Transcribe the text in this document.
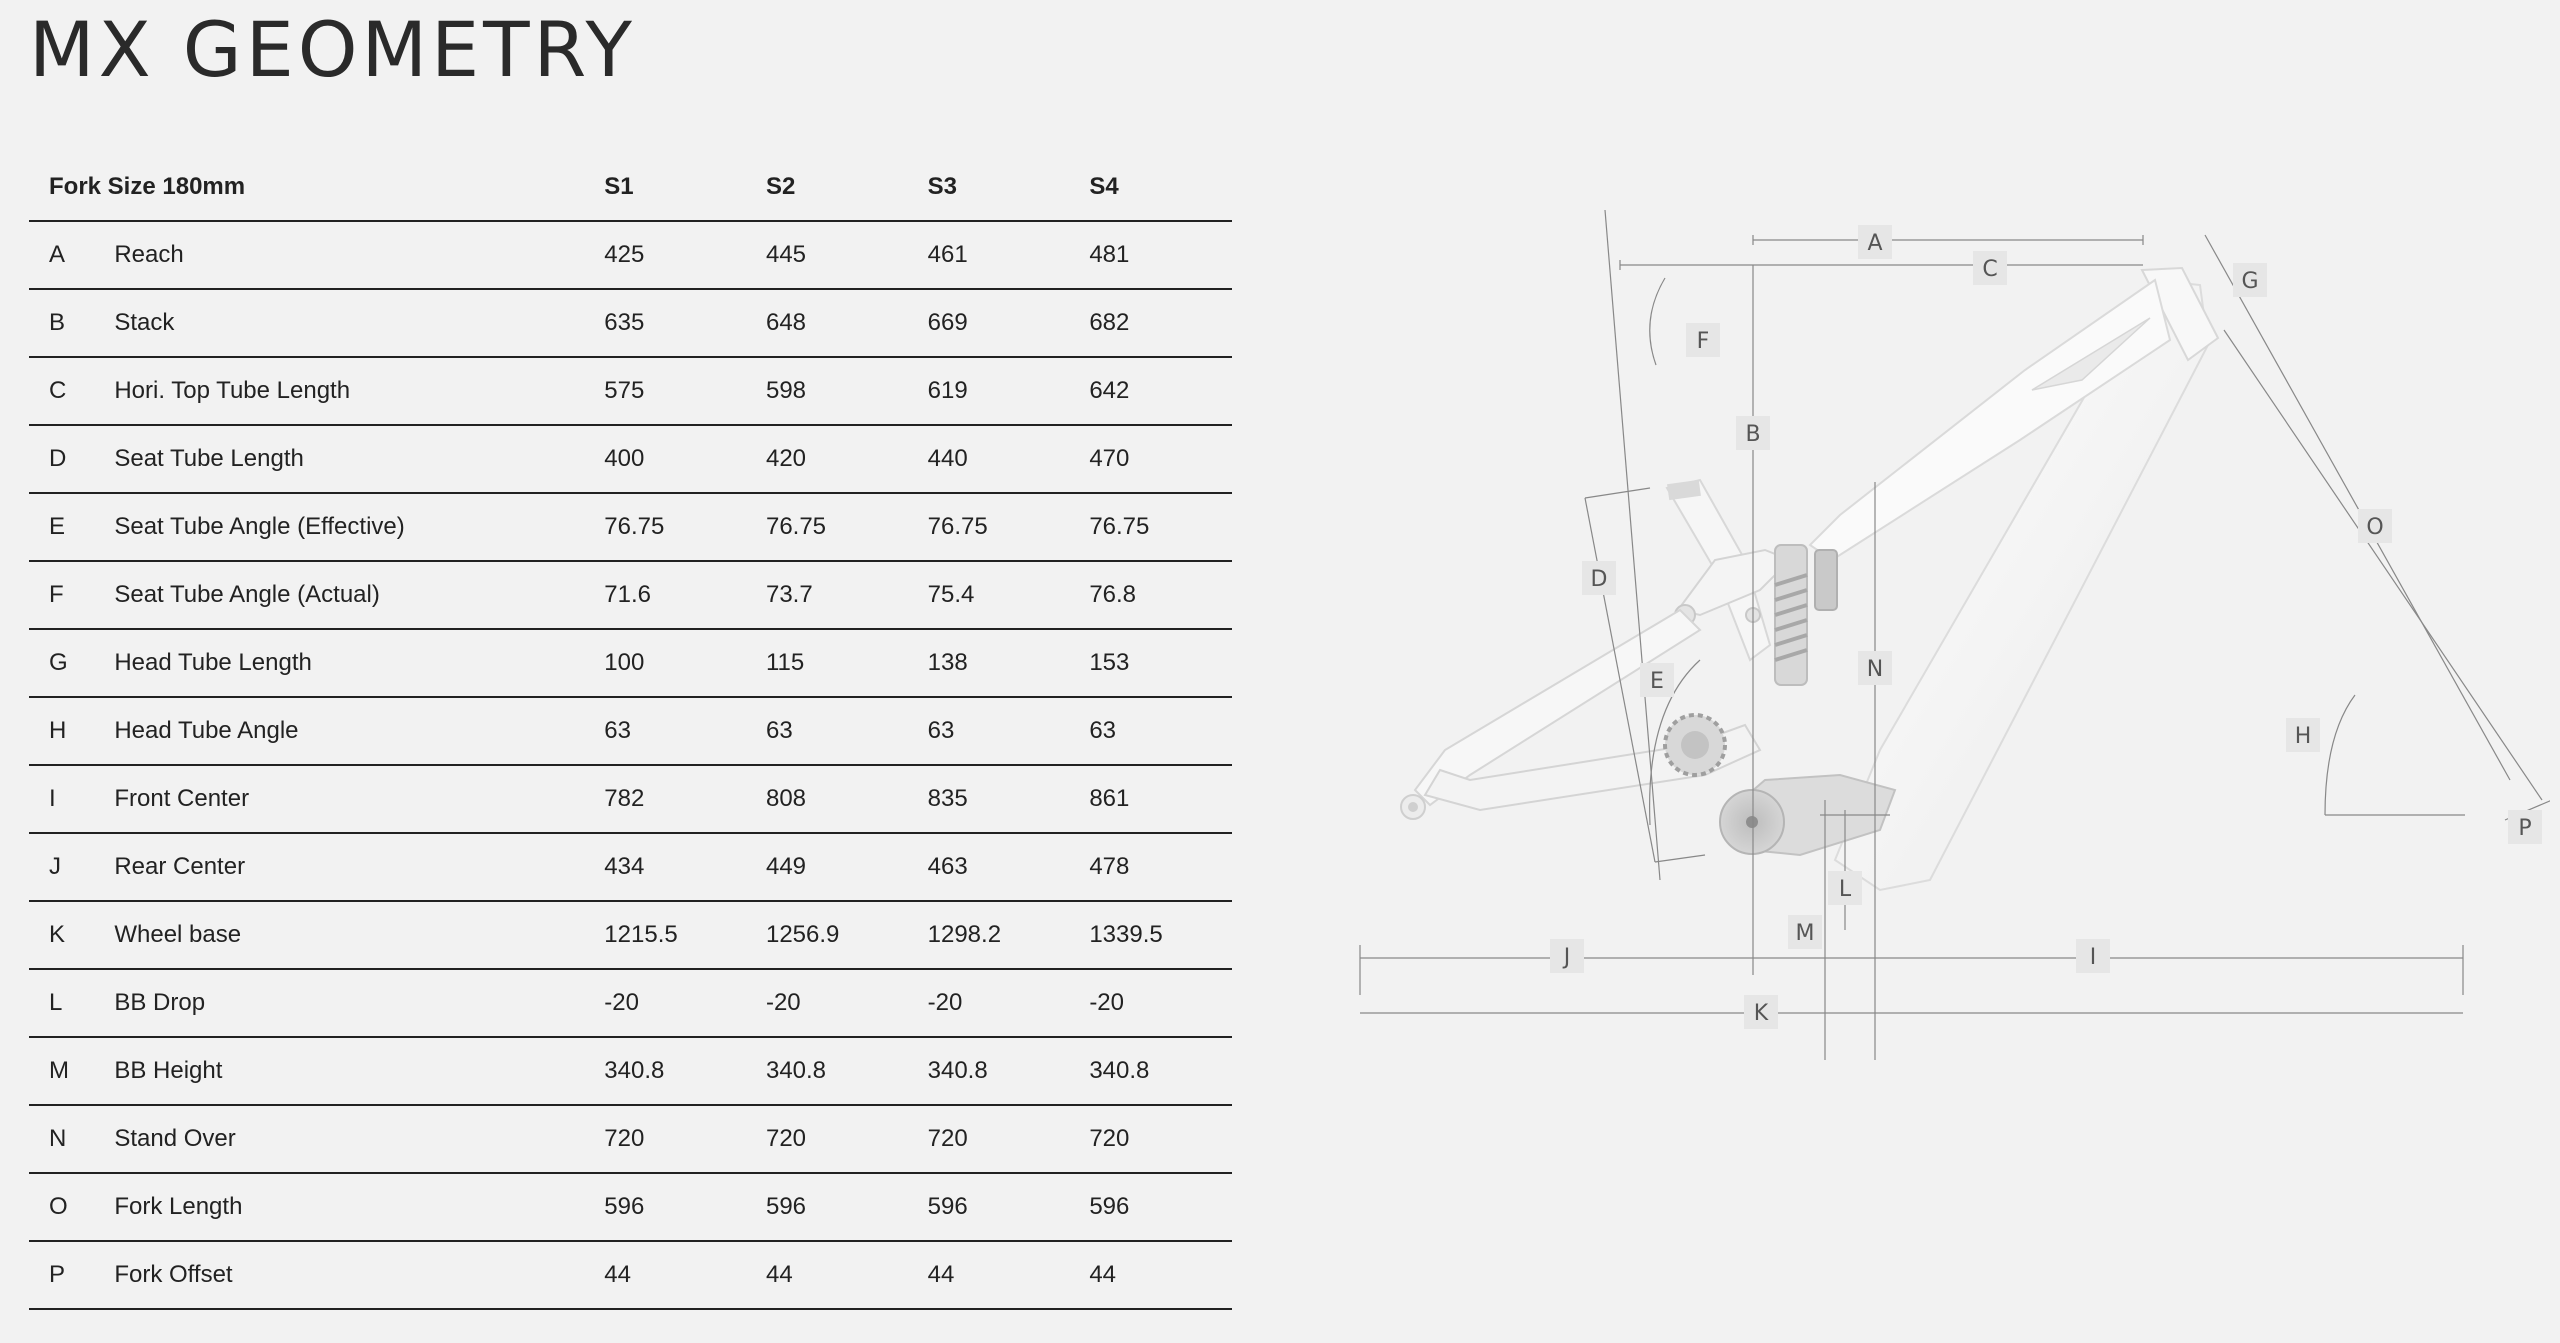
MX GEOMETRY
Fork Size 180mm		S1	S2	S3	S4
A	Reach	425	445	461	481
B	Stack	635	648	669	682
C	Hori. Top Tube Length	575	598	619	642
D	Seat Tube Length	400	420	440	470
E	Seat Tube Angle (Effective)	76.75	76.75	76.75	76.75
F	Seat Tube Angle (Actual)	71.6	73.7	75.4	76.8
G	Head Tube Length	100	115	138	153
H	Head Tube Angle	63	63	63	63
I	Front Center	782	808	835	861
J	Rear Center	434	449	463	478
K	Wheel base	1215.5	1256.9	1298.2	1339.5
L	BB Drop	-20	-20	-20	-20
M	BB Height	340.8	340.8	340.8	340.8
N	Stand Over	720	720	720	720
O	Fork Length	596	596	596	596
P	Fork Offset	44	44	44	44
A
C
F
G
B
D
E	N
O
H
P
L
M
J	I
K
